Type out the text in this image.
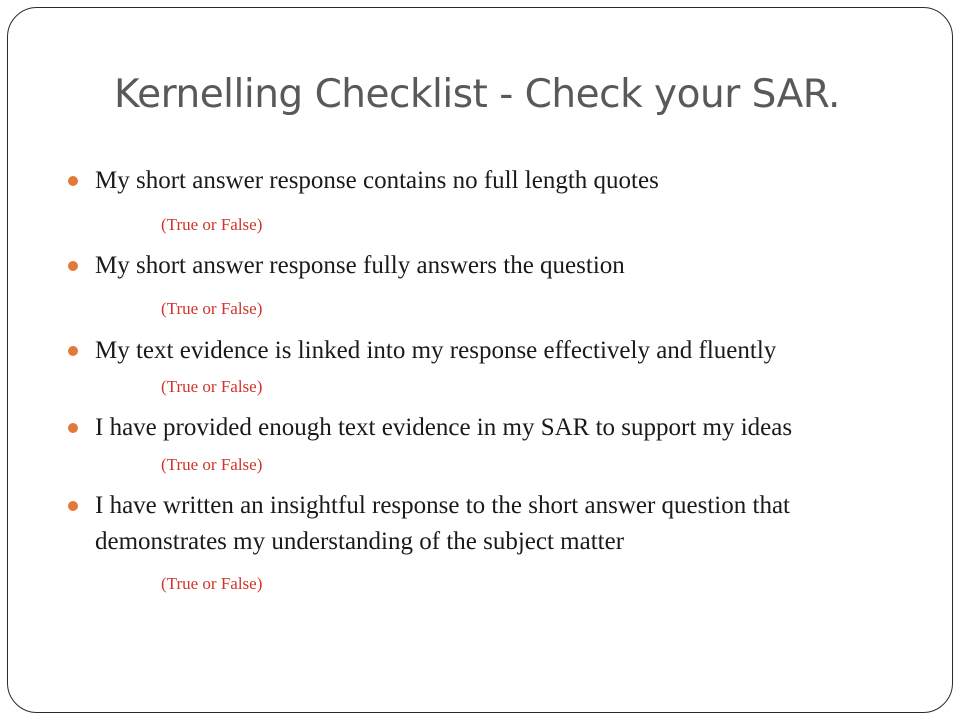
Kernelling Checklist - Check your SAR.
My short answer response contains no full length quotes
(True or False)
My short answer response fully answers the question
(True or False)
My text evidence is linked into my response effectively and fluently
(True or False)
I have provided enough text evidence in my SAR to support my ideas
(True or False)
I have written an insightful response to the short answer question that demonstrates my understanding of the subject matter
(True or False)
